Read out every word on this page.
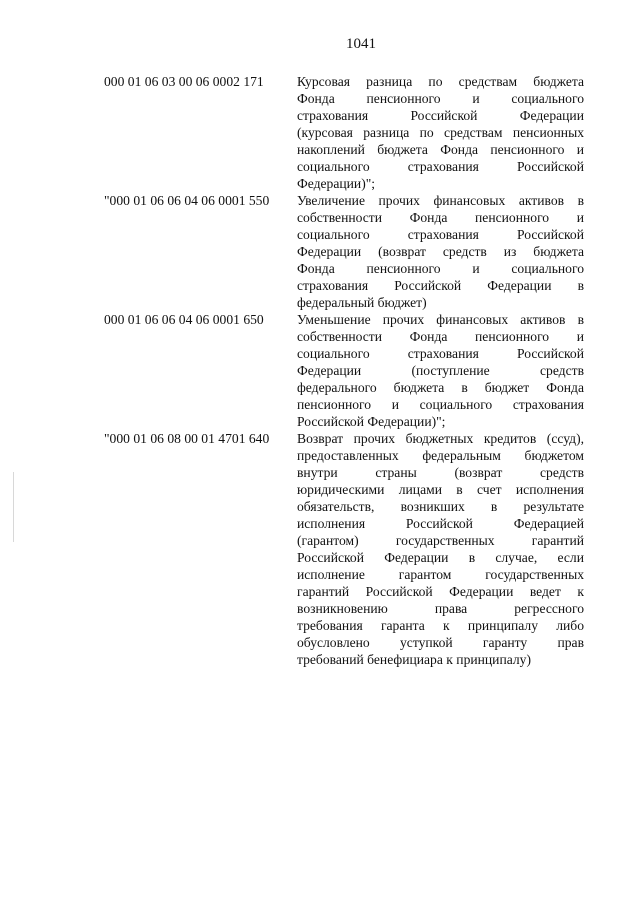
1041
000 01 06 03 00 06 0002 171	Курсовая разница по средствам бюджета
Фонда пенсионного и социального
страхования Российской Федерации
(курсовая разница по средствам пенсионных
накоплений бюджета Фонда пенсионного и
социального страхования Российской
Федерации)";
"000 01 06 06 04 06 0001 550	Увеличение прочих финансовых активов в
собственности Фонда пенсионного и
социального страхования Российской
Федерации (возврат средств из бюджета
Фонда пенсионного и социального
страхования Российской Федерации в
федеральный бюджет)
000 01 06 06 04 06 0001 650	Уменьшение прочих финансовых активов в
собственности Фонда пенсионного и
социального страхования Российской
Федерации (поступление средств
федерального бюджета в бюджет Фонда
пенсионного и социального страхования
Российской Федерации)";
"000 01 06 08 00 01 4701 640	Возврат прочих бюджетных кредитов (ссуд),
предоставленных федеральным бюджетом
внутри страны (возврат средств
юридическими лицами в счет исполнения
обязательств, возникших в результате
исполнения Российской Федерацией
(гарантом) государственных гарантий
Российской Федерации в случае, если
исполнение гарантом государственных
гарантий Российской Федерации ведет к
возникновению права регрессного
требования гаранта к принципалу либо
обусловлено уступкой гаранту прав
требований бенефициара к принципалу)
